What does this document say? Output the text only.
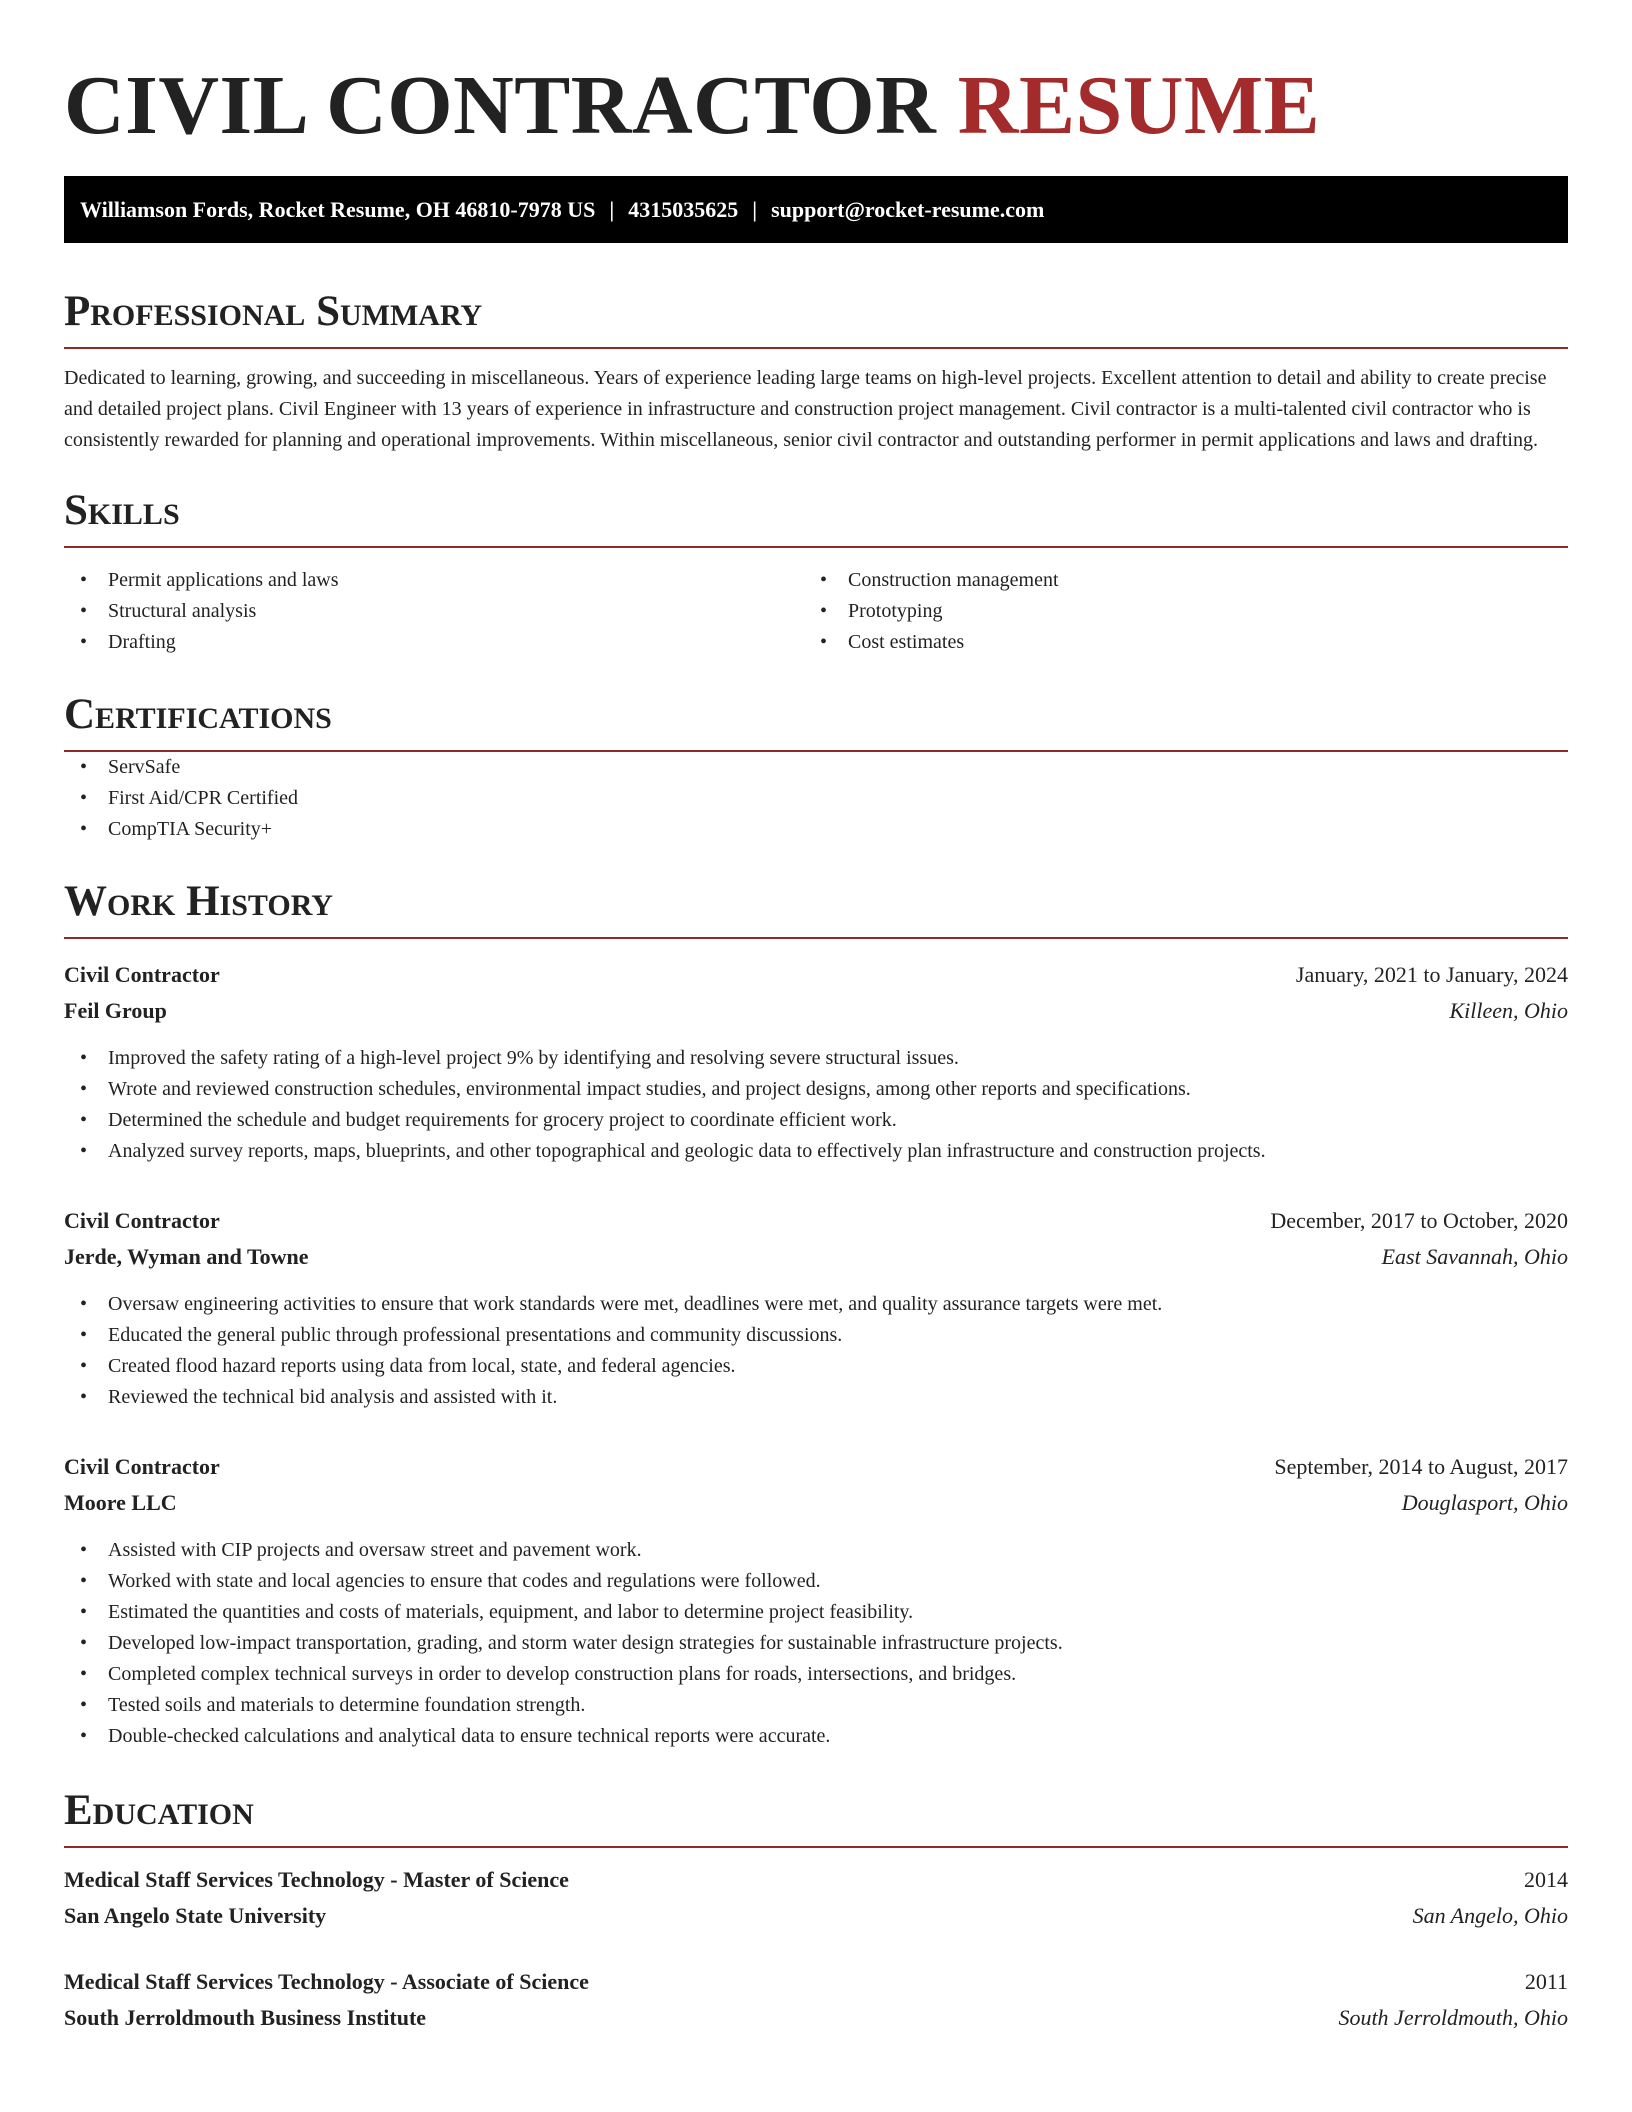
CIVIL CONTRACTOR RESUME
Williamson Fords, Rocket Resume, OH 46810-7978 US | 4315035625 | support@rocket-resume.com
Professional Summary

Dedicated to learning, growing, and succeeding in miscellaneous. Years of experience leading large teams on high-level projects. Excellent attention to detail and ability to create precise and detailed project plans. Civil Engineer with 13 years of experience in infrastructure and construction project management. Civil contractor is a multi-talented civil contractor who is consistently rewarded for planning and operational improvements. Within miscellaneous, senior civil contractor and outstanding performer in permit applications and laws and drafting.

Skills
• Permit applications and laws
• Structural analysis
• Drafting
• Construction management
• Prototyping
• Cost estimates
Certifications
• ServSafe
• First Aid/CPR Certified
• CompTIA Security+
Work History
Civil Contractor	January, 2021 to January, 2024
Feil Group	Killeen, Ohio
• Improved the safety rating of a high-level project 9% by identifying and resolving severe structural issues.
• Wrote and reviewed construction schedules, environmental impact studies, and project designs, among other reports and specifications.
• Determined the schedule and budget requirements for grocery project to coordinate efficient work.
• Analyzed survey reports, maps, blueprints, and other topographical and geologic data to effectively plan infrastructure and construction projects.
Civil Contractor	December, 2017 to October, 2020
Jerde, Wyman and Towne	East Savannah, Ohio
• Oversaw engineering activities to ensure that work standards were met, deadlines were met, and quality assurance targets were met.
• Educated the general public through professional presentations and community discussions.
• Created flood hazard reports using data from local, state, and federal agencies.
• Reviewed the technical bid analysis and assisted with it.
Civil Contractor	September, 2014 to August, 2017
Moore LLC	Douglasport, Ohio
• Assisted with CIP projects and oversaw street and pavement work.
• Worked with state and local agencies to ensure that codes and regulations were followed.
• Estimated the quantities and costs of materials, equipment, and labor to determine project feasibility.
• Developed low-impact transportation, grading, and storm water design strategies for sustainable infrastructure projects.
• Completed complex technical surveys in order to develop construction plans for roads, intersections, and bridges.
• Tested soils and materials to determine foundation strength.
• Double-checked calculations and analytical data to ensure technical reports were accurate.
Education
Medical Staff Services Technology - Master of Science	2014
San Angelo State University	San Angelo, Ohio
Medical Staff Services Technology - Associate of Science	2011
South Jerroldmouth Business Institute	South Jerroldmouth, Ohio
